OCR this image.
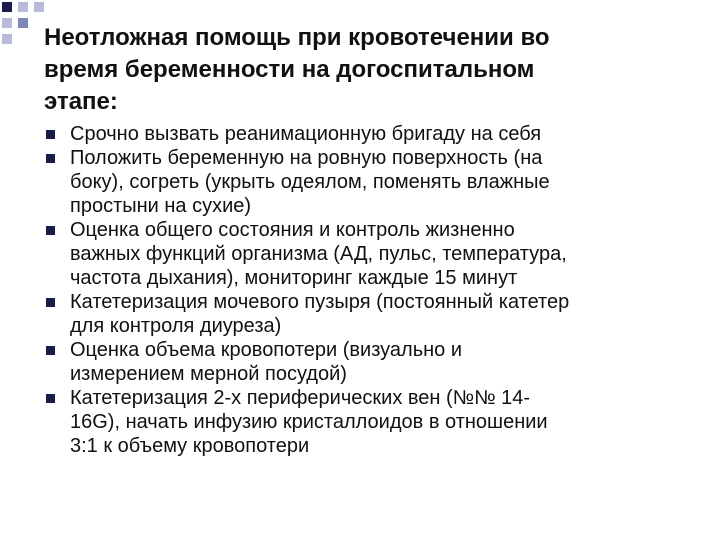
Неотложная помощь при кровотечении во
время беременности на догоспитальном
этапе:
Срочно вызвать реанимационную бригаду на себя
Положить беременную на ровную поверхность (на
боку), согреть (укрыть одеялом, поменять влажные
простыни на сухие)
Оценка общего состояния и контроль жизненно
важных функций организма (АД, пульс, температура,
частота дыхания), мониторинг каждые 15 минут
Катетеризация мочевого пузыря (постоянный катетер
для контроля диуреза)
Оценка объема кровопотери (визуально и
измерением мерной посудой)
Катетеризация 2-х периферических вен (№№ 14-
16G), начать инфузию кристаллоидов в отношении
3:1 к объему кровопотери
